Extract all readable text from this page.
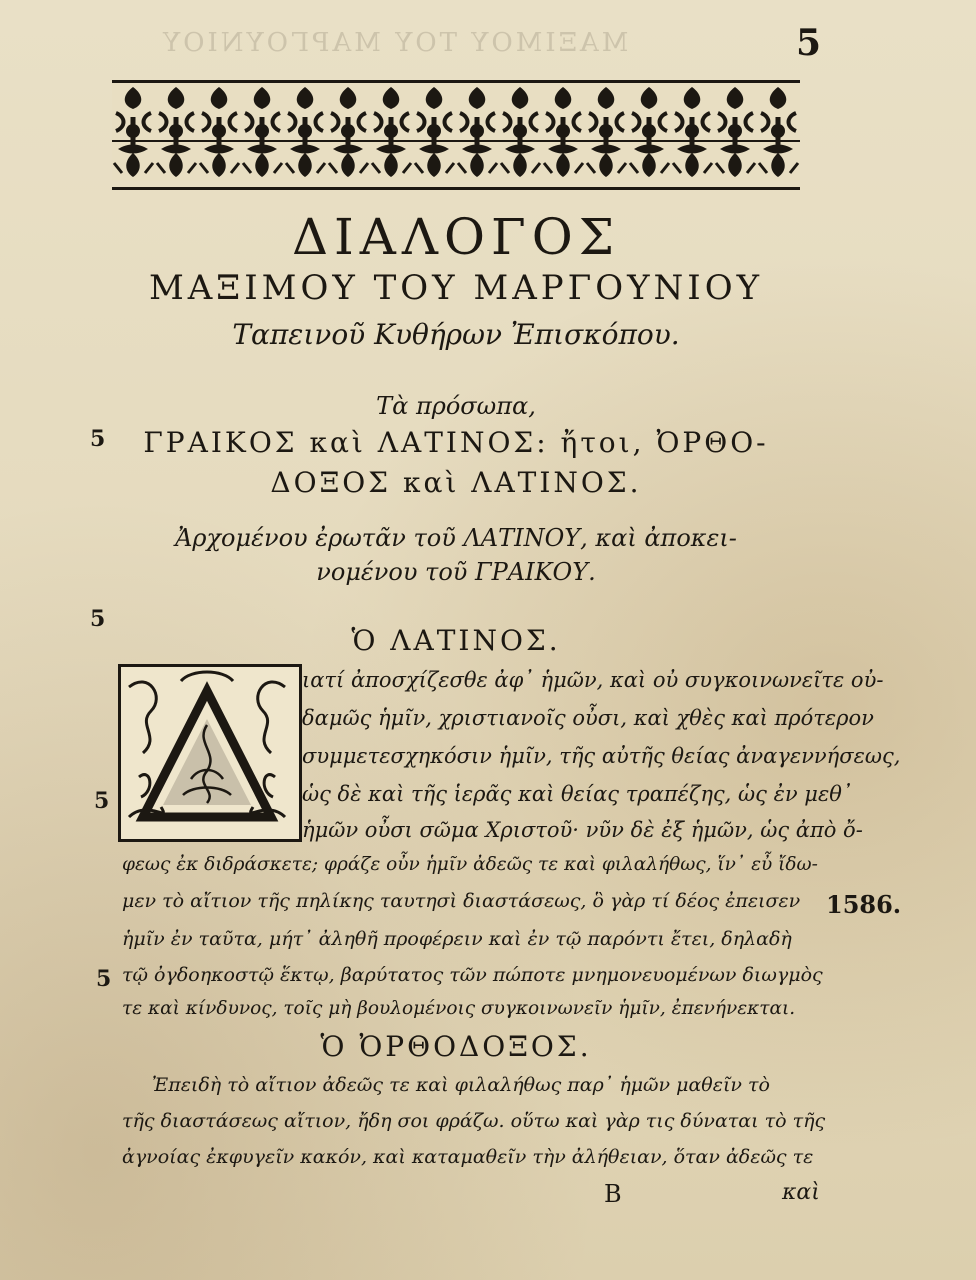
ΜΑΞΙΜΟΥ ΤΟΥ ΜΑΡΓΟΥΝΙΟΥ	5
ΔΙΑΛΟΓΟΣ
ΜΑΞΙΜΟΥ ΤΟΥ ΜΑΡΓΟΥΝΙΟΥ
Ταπεινοῦ Κυθήρων Ἐπισκόπου.
Τὰ πρόσωπα,
ΓΡΑΙΚΟΣ καὶ ΛΑΤΙΝΟΣ: ἤτοι, ὈΡΘΟ-
ΔΟΞΟΣ καὶ ΛΑΤΙΝΟΣ.
Ἀρχομένου ἐρωτᾶν τοῦ ΛΑΤΙΝΟΥ, καὶ ἀποκει-
νομένου τοῦ ΓΡΑΙΚΟΥ.
Ὁ ΛΑΤΙΝΟΣ.
ιατί ἀποσχίζεσθε ἀφ᾽ ἡμῶν, καὶ οὐ συγκοινωνεῖτε οὐ-
δαμῶς ἡμῖν, χριστιανοῖς οὖσι, καὶ χθὲς καὶ πρότερον
συμμετεσχηκόσιν ἡμῖν, τῆς αὐτῆς θείας ἀναγεννήσεως,
ὡς δὲ καὶ τῆς ἱερᾶς καὶ θείας τραπέζης, ὡς ἐν μεθ᾽
ἡμῶν οὖσι σῶμα Χριστοῦ· νῦν δὲ ἐξ ἡμῶν, ὡς ἀπὸ ὄ-
φεως ἐκ διδράσκετε; φράζε οὖν ἡμῖν ἀδεῶς τε καὶ φιλαλήθως, ἵν᾽ εὖ ἴδω-
μεν τὸ αἴτιον τῆς πηλίκης ταυτησὶ διαστάσεως, ὃ γὰρ τί δέος ἐπεισεν
ἡμῖν ἐν ταῦτα, μήτ᾽ ἀληθῆ προφέρειν καὶ ἐν τῷ παρόντι ἔτει, δηλαδὴ
τῷ ὀγδοηκοστῷ ἕκτῳ, βαρύτατος τῶν πώποτε μνημονευομένων διωγμὸς
τε καὶ κίνδυνος, τοῖς μὴ βουλομένοις συγκοινωνεῖν ἡμῖν, ἐπενήνεκται.
Ὁ ὈΡΘΟΔΟΞΟΣ.
Ἐπειδὴ τὸ αἴτιον ἀδεῶς τε καὶ φιλαλήθως παρ᾽ ἡμῶν μαθεῖν τὸ
τῆς διαστάσεως αἴτιον, ἤδη σοι φράζω. οὕτω καὶ γὰρ τις δύναται τὸ τῆς
ἀγνοίας ἐκφυγεῖν κακόν, καὶ καταμαθεῖν τὴν ἀλήθειαν, ὅταν ἀδεῶς τε
5
5
5
5
1586.
B	καὶ
